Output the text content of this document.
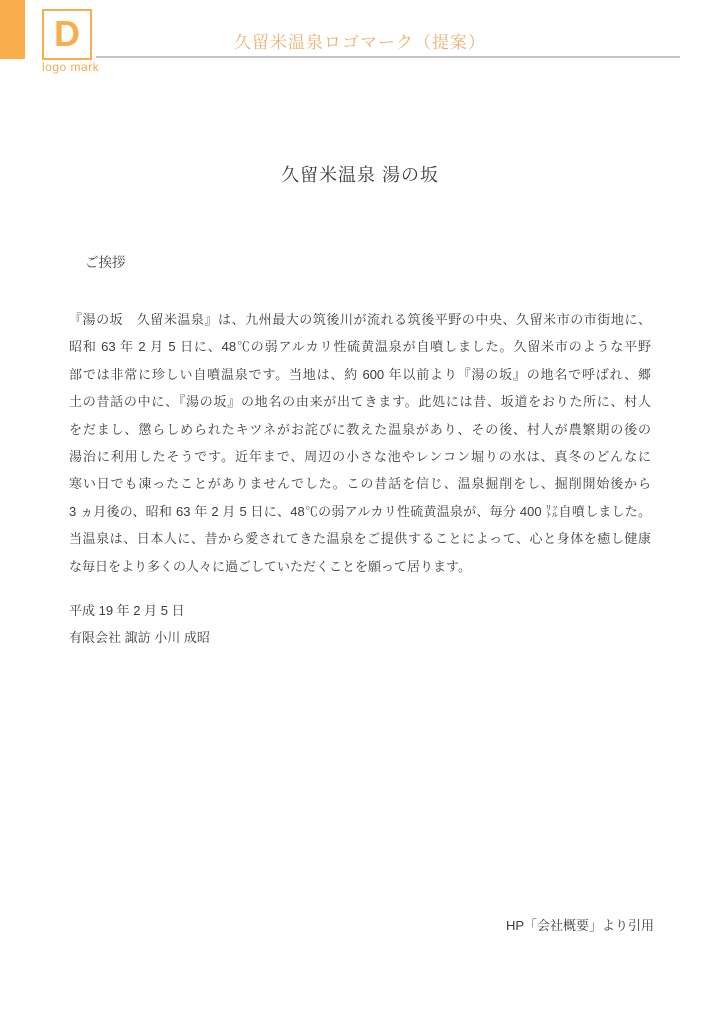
D
logo mark
久留米温泉ロゴマーク（提案）
久留米温泉 湯の坂
ご挨拶
『湯の坂　久留米温泉』は、九州最大の筑後川が流れる筑後平野の中央、久留米市の市街地に、
昭和 63 年 2 月 5 日に、48℃の弱アルカリ性硫黄温泉が自噴しました。久留米市のような平野
部では非常に珍しい自噴温泉です。当地は、約 600 年以前より『湯の坂』の地名で呼ばれ、郷
土の昔話の中に、『湯の坂』の地名の由来が出てきます。此処には昔、坂道をおりた所に、村人
をだまし、懲らしめられたキツネがお詫びに教えた温泉があり、その後、村人が農繁期の後の
湯治に利用したそうです。近年まで、周辺の小さな池やレンコン堀りの水は、真冬のどんなに
寒い日でも凍ったことがありませんでした。この昔話を信じ、温泉掘削をし、掘削開始後から
3 ヵ月後の、昭和 63 年 2 月 5 日に、48℃の弱アルカリ性硫黄温泉が、毎分 400 ㍑自噴しました。
当温泉は、日本人に、昔から愛されてきた温泉をご提供することによって、心と身体を癒し健康
な毎日をより多くの人々に過ごしていただくことを願って居ります。
平成 19 年 2 月 5 日
有限会社 諏訪 小川 成昭
HP「会社概要」より引用
